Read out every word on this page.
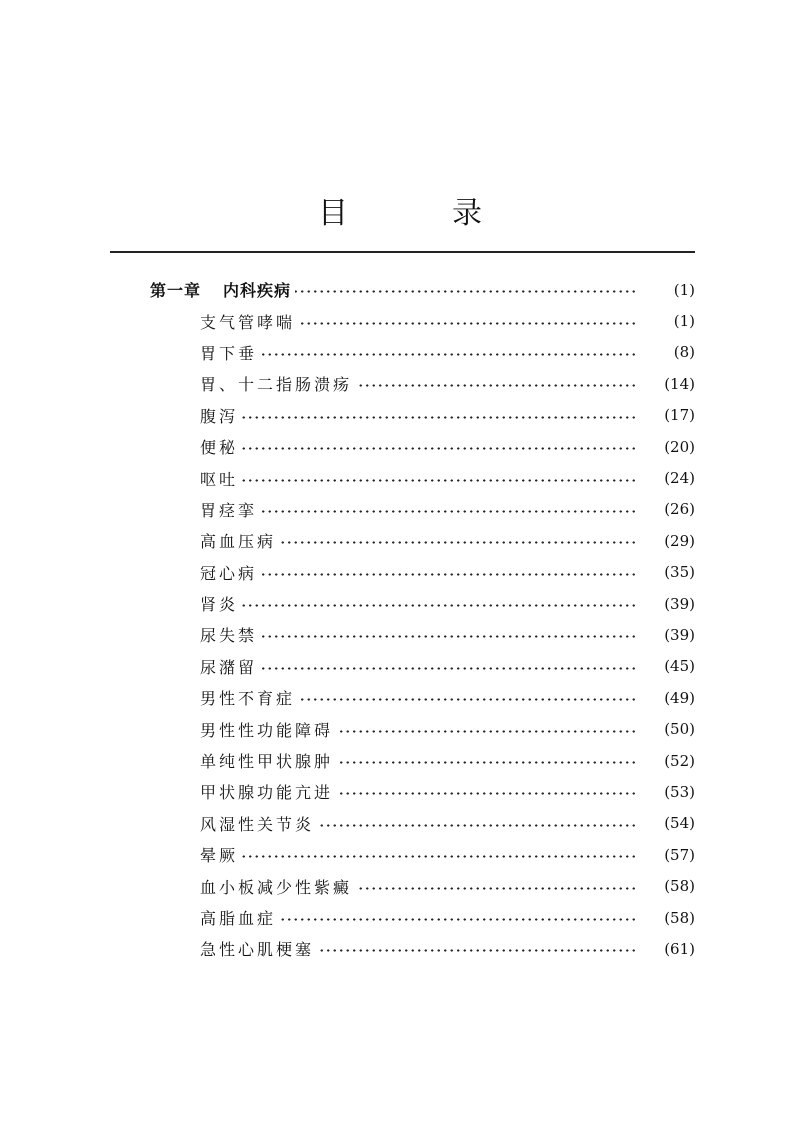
目	录
第一章 内科疾病	(1)
支气管哮喘	(1)
胃下垂	(8)
胃、十二指肠溃疡	(14)
腹泻	(17)
便秘	(20)
呕吐	(24)
胃痉挛	(26)
高血压病	(29)
冠心病	(35)
肾炎	(39)
尿失禁	(39)
尿潴留	(45)
男性不育症	(49)
男性性功能障碍	(50)
单纯性甲状腺肿	(52)
甲状腺功能亢进	(53)
风湿性关节炎	(54)
晕厥	(57)
血小板减少性紫癜	(58)
高脂血症	(58)
急性心肌梗塞	(61)
